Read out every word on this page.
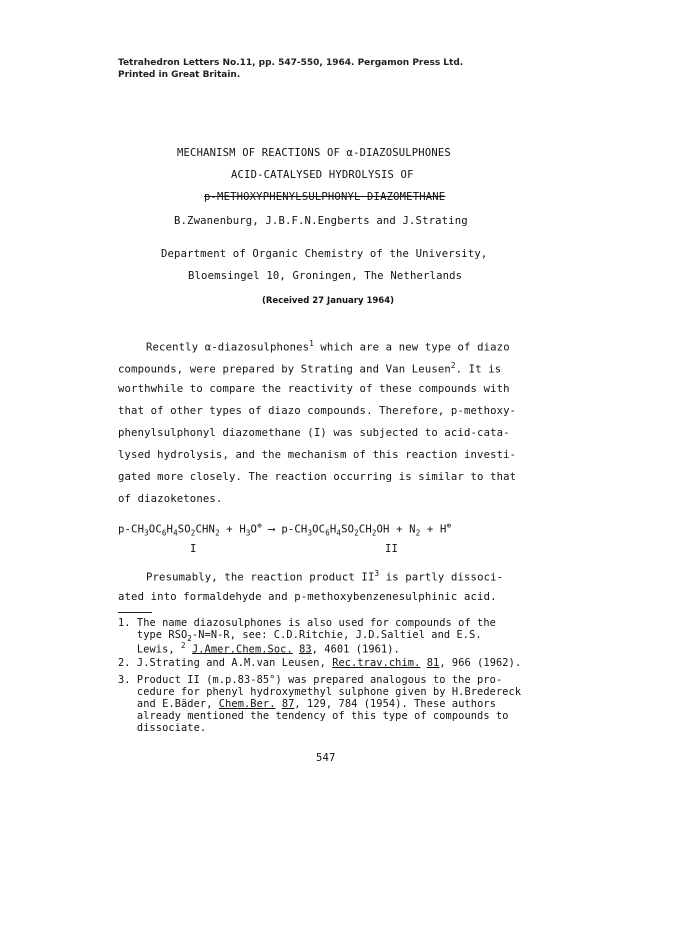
Tetrahedron Letters No.11, pp. 547-550, 1964. Pergamon Press Ltd.
Printed in Great Britain.
MECHANISM OF REACTIONS OF α-DIAZOSULPHONES
ACID-CATALYSED HYDROLYSIS OF
p-METHOXYPHENYLSULPHONYL DIAZOMETHANE
B.Zwanenburg, J.B.F.N.Engberts and J.Strating
Department of Organic Chemistry of the University,
Bloemsingel 10, Groningen, The Netherlands
(Received 27 January 1964)
Recently α-diazosulphones$^1$ which are a new type of diazo
compounds, were prepared by Strating and Van Leusen$^2$. It is
worthwhile to compare the reactivity of these compounds with
that of other types of diazo compounds. Therefore, p-methoxy-
phenylsulphonyl diazomethane (I) was subjected to acid-cata-
lysed hydrolysis, and the mechanism of this reaction investi-
gated more closely. The reaction occurring is similar to that
of diazoketones.
$p-CH_3OC_6H_4SO_2CHN_2 + H_3O^\oplus$ ⟶ $p-CH_3OC_6H_4SO_2CH_2OH + N_2 + H^\oplus$
I	II
Presumably, the reaction product $II^3$ is partly dissoci-
ated into formaldehyde and p-methoxybenzenesulphinic acid.
1. The name diazosulphones is also used for compounds of the
type $RSO_2-N=N-R$, see: C.D.Ritchie, J.D.Saltiel and E.S.
Lewis, $^2$ J.Amer.Chem.Soc. 83, 4601 (1961).
2. J.Strating and A.M.van Leusen, Rec.trav.chim. 81, 966 (1962).
3. Product II (m.p.83-85°) was prepared analogous to the pro-
cedure for phenyl hydroxymethyl sulphone given by H.Bredereck
and E.Bäder, Chem.Ber. 87, 129, 784 (1954). These authors
already mentioned the tendency of this type of compounds to
dissociate.
547
